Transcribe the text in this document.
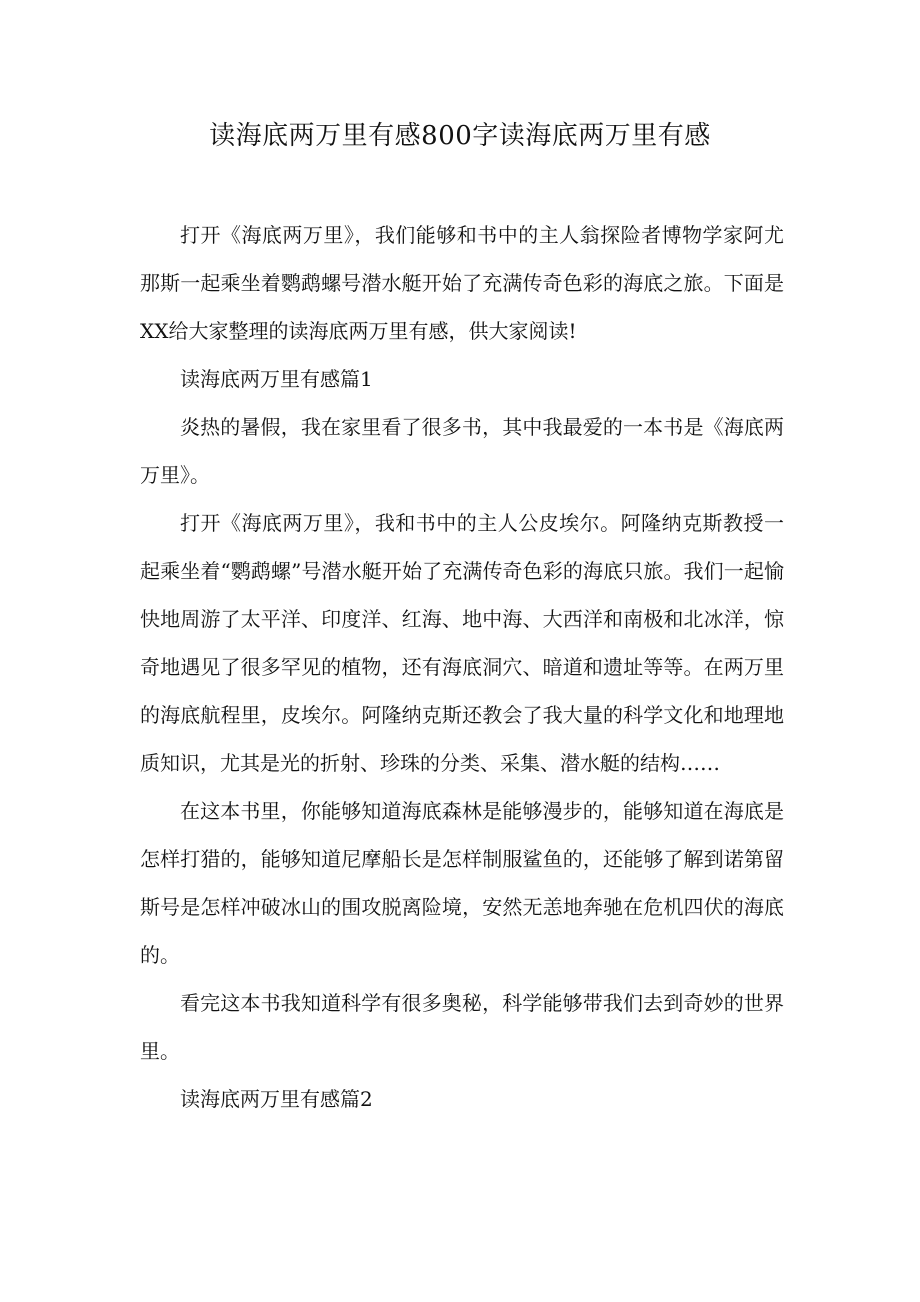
读海底两万里有感800字读海底两万里有感

打开《海底两万里》，我们能够和书中的主人翁探险者博物学家阿尤那斯一起乘坐着鹦鹉螺号潜水艇开始了充满传奇色彩的海底之旅。下面是XX给大家整理的读海底两万里有感，供大家阅读!

读海底两万里有感篇1

炎热的暑假，我在家里看了很多书，其中我最爱的一本书是《海底两万里》。

打开《海底两万里》，我和书中的主人公皮埃尔。阿隆纳克斯教授一起乘坐着“鹦鹉螺”号潜水艇开始了充满传奇色彩的海底只旅。我们一起愉快地周游了太平洋、印度洋、红海、地中海、大西洋和南极和北冰洋，惊奇地遇见了很多罕见的植物，还有海底洞穴、暗道和遗址等等。在两万里的海底航程里，皮埃尔。阿隆纳克斯还教会了我大量的科学文化和地理地质知识，尤其是光的折射、珍珠的分类、采集、潜水艇的结构……

在这本书里，你能够知道海底森林是能够漫步的，能够知道在海底是怎样打猎的，能够知道尼摩船长是怎样制服鲨鱼的，还能够了解到诺第留斯号是怎样冲破冰山的围攻脱离险境，安然无恙地奔驰在危机四伏的海底的。

看完这本书我知道科学有很多奥秘，科学能够带我们去到奇妙的世界里。

读海底两万里有感篇2
